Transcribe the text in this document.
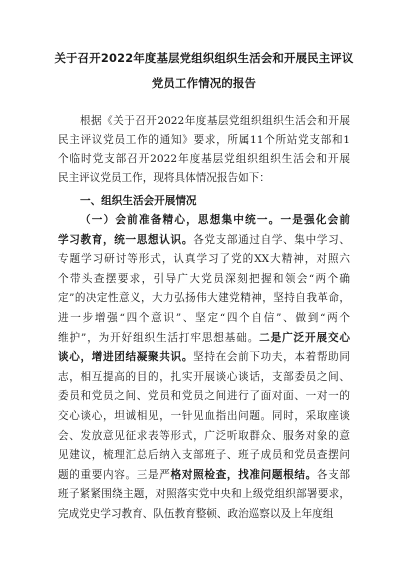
关于召开2022年度基层党组织组织生活会和开展民主评议
党员工作情况的报告
根据《关于召开2022年度基层党组织组织生活会和开展
民主评议党员工作的通知》要求，所属11个所站党支部和1
个临时党支部召开2022年度基层党组织组织生活会和开展
民主评议党员工作，现将具体情况报告如下：
一、组织生活会开展情况
（一）会前准备精心，思想集中统一。一是强化会前
学习教育，统一思想认识。各党支部通过自学、集中学习、
专题学习研讨等形式，认真学习了党的XX大精神，对照六
个带头查摆要求，引导广大党员深刻把握和领会“两个确
定”的决定性意义，大力弘扬伟大建党精神，坚持自我革命，
进一步增强“四个意识”、坚定“四个自信”、做到“两个
维护”，为开好组织生活打牢思想基础。二是广泛开展交心
谈心，增进团结凝聚共识。坚持在会前下功夫，本着帮助同
志，相互提高的目的，扎实开展谈心谈话，支部委员之间、
委员和党员之间、党员和党员之间进行了面对面、一对一的
交心谈心，坦诚相见，一针见血指出问题。同时，采取座谈
会、发放意见征求表等形式，广泛听取群众、服务对象的意
见建议，梳理汇总后纳入支部班子、班子成员和党员查摆问
题的重要内容。三是严格对照检查，找准问题根结。各支部
班子紧紧围绕主题，对照落实党中央和上级党组织部署要求，
完成党史学习教育、队伍教育整顿、政治巡察以及上年度组
